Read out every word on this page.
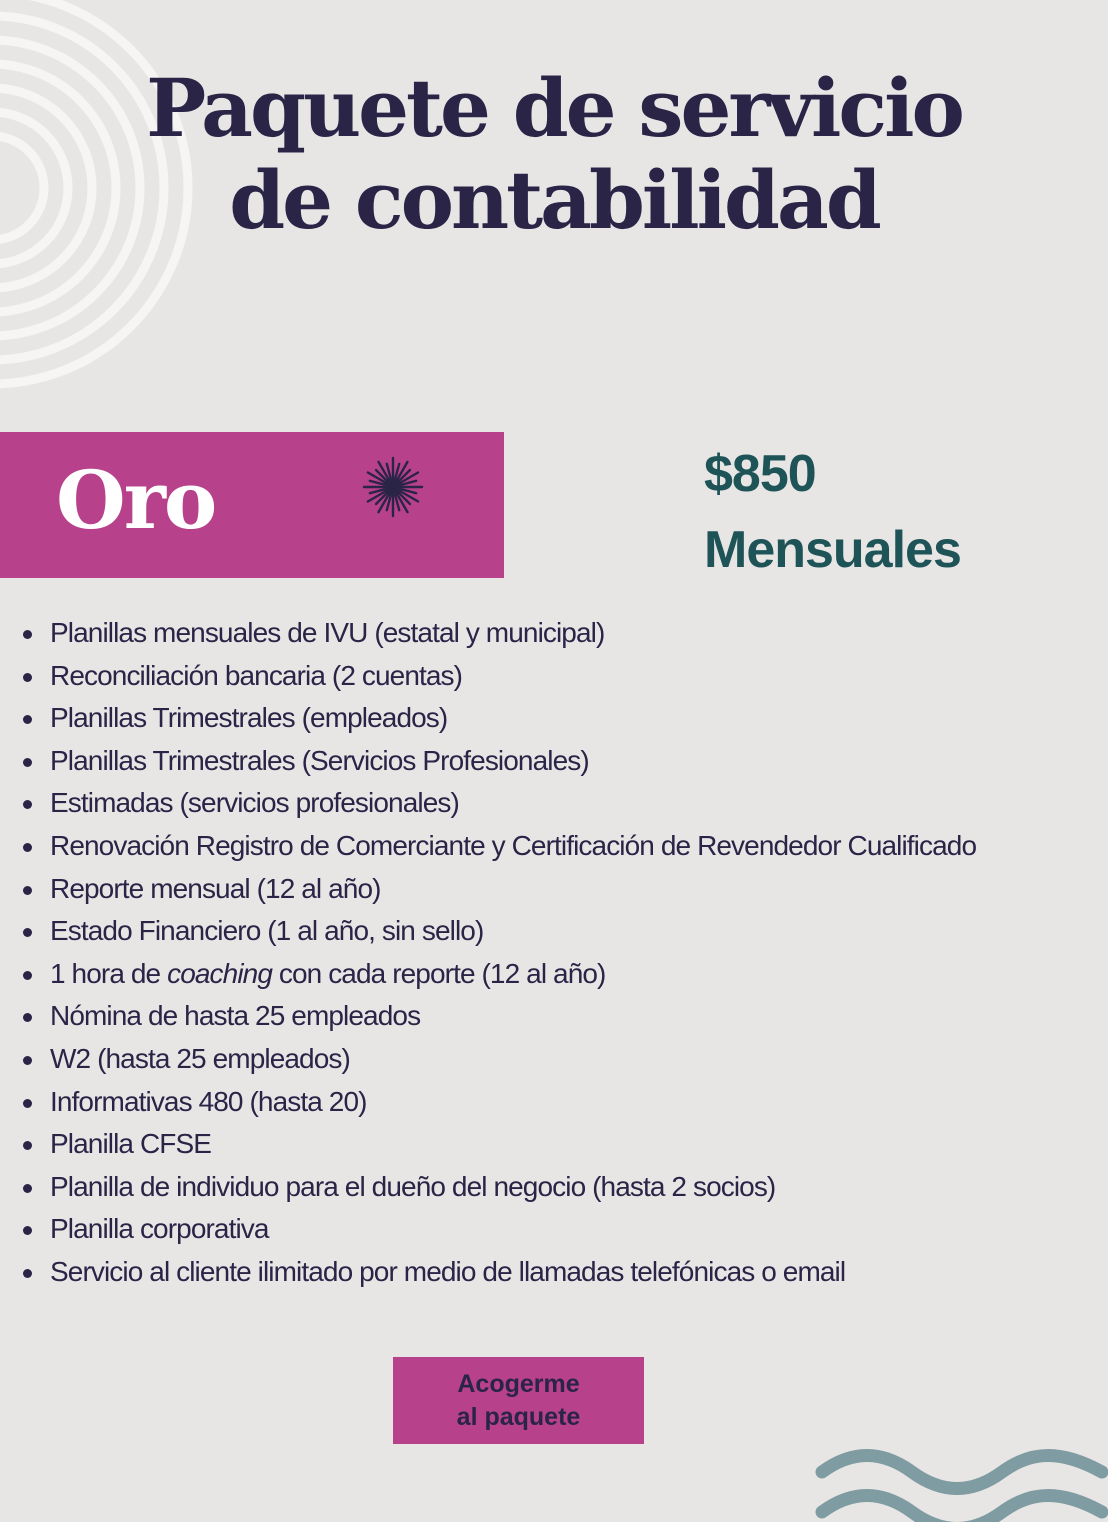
Paquete de servicio
de contabilidad
Oro	$850
Mensuales
Planillas mensuales de IVU (estatal y municipal)
Reconciliación bancaria (2 cuentas)
Planillas Trimestrales (empleados)
Planillas Trimestrales (Servicios Profesionales)
Estimadas (servicios profesionales)
Renovación Registro de Comerciante y Certificación de Revendedor Cualificado
Reporte mensual (12 al año)
Estado Financiero (1 al año, sin sello)
1 hora de coaching con cada reporte (12 al año)
Nómina de hasta 25 empleados
W2 (hasta 25 empleados)
Informativas 480 (hasta 20)
Planilla CFSE
Planilla de individuo para el dueño del negocio (hasta 2 socios)
Planilla corporativa
Servicio al cliente ilimitado por medio de llamadas telefónicas o email
Acogerme
al paquete
